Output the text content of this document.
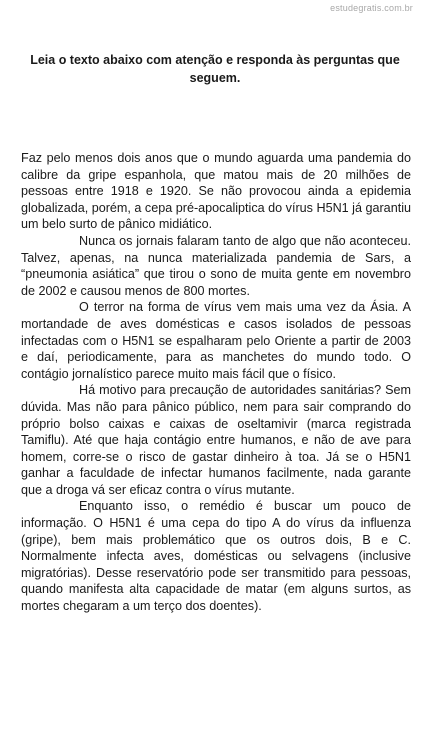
estudegratis.com.br
Leia o texto abaixo com atenção e responda às perguntas que seguem.

Faz pelo menos dois anos que o mundo aguarda uma pandemia do calibre da gripe espanhola, que matou mais de 20 milhões de pessoas entre 1918 e 1920. Se não provocou ainda a epidemia globalizada, porém, a cepa pré-apocaliptica do vírus H5N1 já garantiu um belo surto de pânico midiático.

Nunca os jornais falaram tanto de algo que não aconteceu. Talvez, apenas, na nunca materializada pandemia de Sars, a “pneumonia asiática” que tirou o sono de muita gente em novembro de 2002 e causou menos de 800 mortes.

O terror na forma de vírus vem mais uma vez da Ásia. A mortandade de aves domésticas e casos isolados de pessoas infectadas com o H5N1 se espalharam pelo Oriente a partir de 2003 e daí, periodicamente, para as manchetes do mundo todo. O contágio jornalístico parece muito mais fácil que o físico.

Há motivo para precaução de autoridades sanitárias? Sem dúvida. Mas não para pânico público, nem para sair comprando do próprio bolso caixas e caixas de oseltamivir (marca registrada Tamiflu). Até que haja contágio entre humanos, e não de ave para homem, corre-se o risco de gastar dinheiro à toa. Já se o H5N1 ganhar a faculdade de infectar humanos facilmente, nada garante que a droga vá ser eficaz contra o vírus mutante.

Enquanto isso, o remédio é buscar um pouco de informação. O H5N1 é uma cepa do tipo A do vírus da influenza (gripe), bem mais problemático que os outros dois, B e C. Normalmente infecta aves, domésticas ou selvagens (inclusive migratórias). Desse reservatório pode ser transmitido para pessoas, quando manifesta alta capacidade de matar (em alguns surtos, as mortes chegaram a um terço dos doentes).
